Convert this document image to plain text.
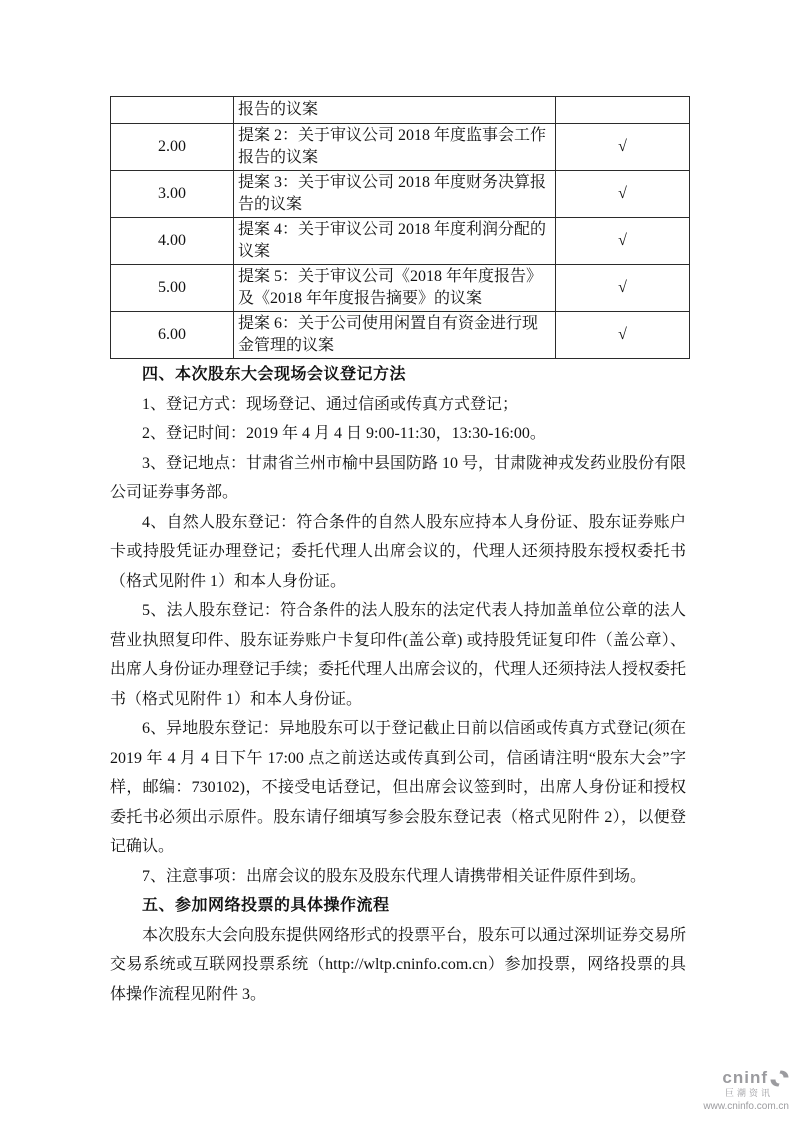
	报告的议案	
2.00	提案 2：关于审议公司 2018 年度监事会工作报告的议案	√
3.00	提案 3：关于审议公司 2018 年度财务决算报告的议案	√
4.00	提案 4：关于审议公司 2018 年度利润分配的议案	√
5.00	提案 5：关于审议公司《2018 年年度报告》及《2018 年年度报告摘要》的议案	√
6.00	提案 6：关于公司使用闲置自有资金进行现金管理的议案	√

四、本次股东大会现场会议登记方法

1、登记方式：现场登记、通过信函或传真方式登记；

2、登记时间：2019 年 4 月 4 日 9:00-11:30，13:30-16:00。

3、登记地点：甘肃省兰州市榆中县国防路 10 号，甘肃陇神戎发药业股份有限公司证券事务部。

4、自然人股东登记：符合条件的自然人股东应持本人身份证、股东证券账户卡或持股凭证办理登记；委托代理人出席会议的，代理人还须持股东授权委托书（格式见附件 1）和本人身份证。

5、法人股东登记：符合条件的法人股东的法定代表人持加盖单位公章的法人营业执照复印件、股东证券账户卡复印件(盖公章) 或持股凭证复印件（盖公章）、出席人身份证办理登记手续；委托代理人出席会议的，代理人还须持法人授权委托书（格式见附件 1）和本人身份证。

6、异地股东登记：异地股东可以于登记截止日前以信函或传真方式登记(须在 2019 年 4 月 4 日下午 17:00 点之前送达或传真到公司，信函请注明“股东大会”字样，邮编：730102)，不接受电话登记，但出席会议签到时，出席人身份证和授权委托书必须出示原件。股东请仔细填写参会股东登记表（格式见附件 2），以便登记确认。

7、注意事项：出席会议的股东及股东代理人请携带相关证件原件到场。

五、参加网络投票的具体操作流程

本次股东大会向股东提供网络形式的投票平台，股东可以通过深圳证券交易所交易系统或互联网投票系统（http://wltp.cninfo.com.cn）参加投票，网络投票的具体操作流程见附件 3。

cninf
巨潮资讯
www.cninfo.com.cn
